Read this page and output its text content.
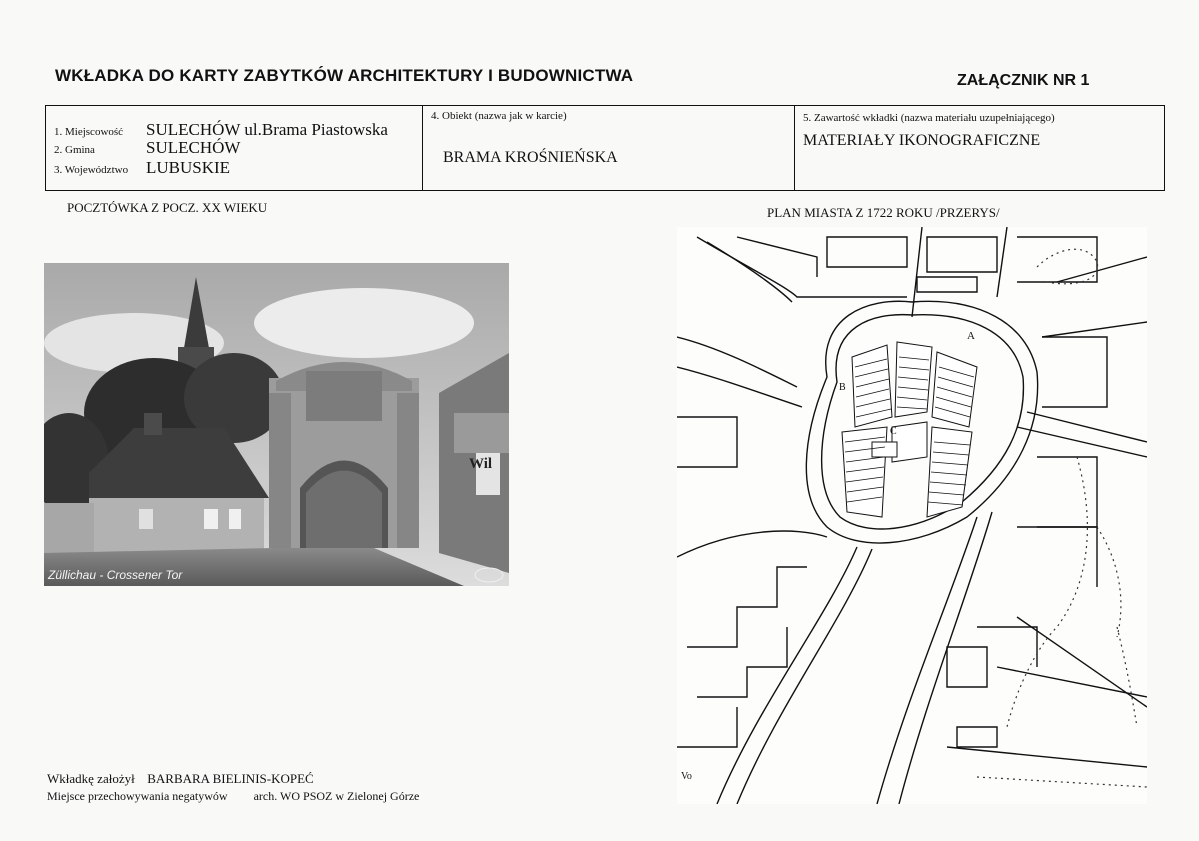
WKŁADKA DO KARTY ZABYTKÓW ARCHITEKTURY I BUDOWNICTWA	ZAŁĄCZNIK NR 1
1. Miejscowość	SULECHÓW ul.Brama Piastowska
2. Gmina	SULECHÓW
3. Województwo	LUBUSKIE
4. Obiekt (nazwa jak w karcie)
BRAMA KROŚNIEŃSKA
5. Zawartość wkładki (nazwa materiału uzupełniającego)
MATERIAŁY IKONOGRAFICZNE
POCZTÓWKA Z POCZ. XX WIEKU	PLAN MIASTA Z 1722 ROKU /PRZERYS/
Wil
Züllichau - Crossener Tor
A
B
C
Vo
Wkładkę założył BARBARA BIELINIS-KOPEĆ
Miejsce przechowywania negatywów arch. WO PSOZ w Zielonej Górze
